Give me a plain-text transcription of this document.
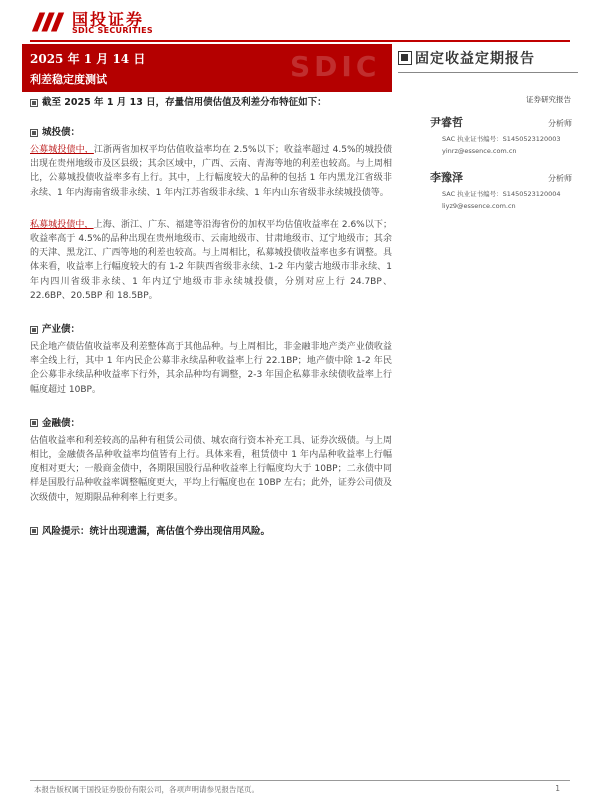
国投证券
SDIC SECURITIES
2025 年 1 月 14 日
利差稳定度测试	SDIC 固定收益定期报告
证券研究报告
尹睿哲	分析师
SAC 执业证书编号：S1450523120003
yinrz@essence.com.cn
李豫泽	分析师
SAC 执业证书编号：S1450523120004
liyz9@essence.com.cn
截至 2025 年 1 月 13 日，存量信用债估值及利差分布特征如下：
城投债：
公募城投债中，江浙两省加权平均估值收益率均在 2.5%以下；收益率超过 4.5%的城投债出现在贵州地级市及区县级；其余区域中，广西、云南、青海等地的利差也较高。与上周相比，公募城投债收益率多有上行。其中，上行幅度较大的品种的包括 1 年内黑龙江省级非永续、1 年内海南省级非永续、1 年内江苏省级非永续、1 年内山东省级非永续城投债等。
私募城投债中，上海、浙江、广东、福建等沿海省份的加权平均估值收益率在 2.6%以下；收益率高于 4.5%的品种出现在贵州地级市、云南地级市、甘肃地级市、辽宁地级市；其余的天津、黑龙江、广西等地的利差也较高。与上周相比，私募城投债收益率也多有调整。具体来看，收益率上行幅度较大的有 1-2 年陕西省级非永续、1-2 年内蒙古地级市非永续、1 年内四川省级非永续、1 年内辽宁地级市非永续城投债，分别对应上行 24.7BP、22.6BP、20.5BP 和 18.5BP。
产业债：
民企地产债估值收益率及利差整体高于其他品种。与上周相比，非金融非地产类产业债收益率全线上行，其中 1 年内民企公募非永续品种收益率上行 22.1BP；地产债中除 1-2 年民企公募非永续品种收益率下行外，其余品种均有调整，2-3 年国企私募非永续债收益率上行幅度超过 10BP。
金融债：
估值收益率和利差较高的品种有租赁公司债、城农商行资本补充工具、证券次级债。与上周相比，金融债各品种收益率均值皆有上行。具体来看，租赁债中 1 年内品种收益率上行幅度相对更大；一般商金债中，各期限国股行品种收益率上行幅度均大于 10BP；二永债中同样是国股行品种收益率调整幅度更大，平均上行幅度也在 10BP 左右；此外，证券公司债及次级债中，短期限品种利率上行更多。
风险提示：统计出现遗漏，高估值个券出现信用风险。
本报告版权属于国投证券股份有限公司，各项声明请参见报告尾页。	1
